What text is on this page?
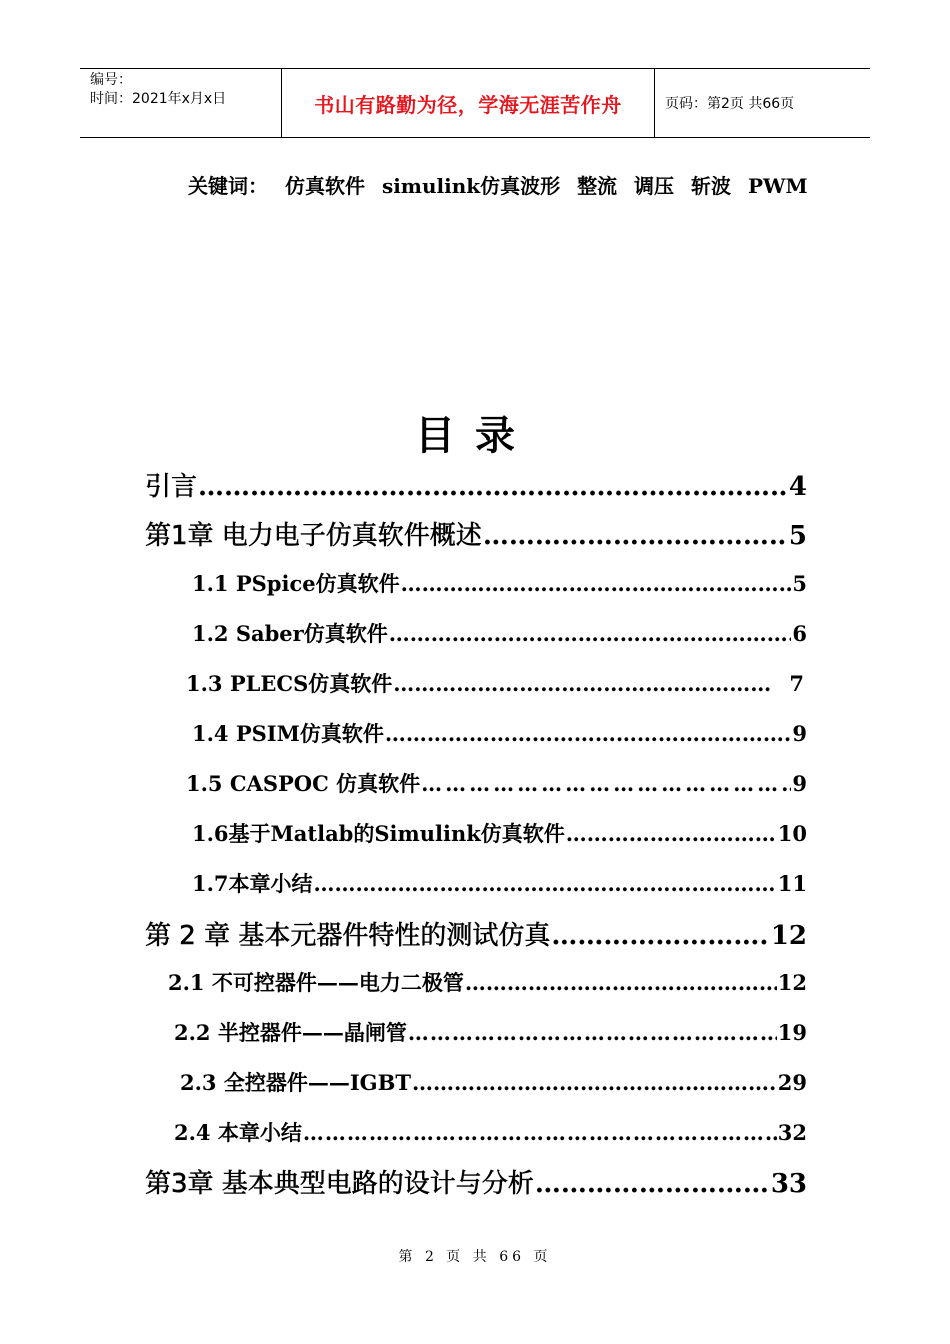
编号：
时间：2021年x月x日	书山有路勤为径，学海无涯苦作舟	页码：第2页 共66页
关键词： 仿真软件 simulink仿真波形 整流 调压 斩波 PWM
目录
引言 ……………………………………………………………………………………………………………………………………………………	4
第1章 电力电子仿真软件概述 ……………………………………………………………………………………………………………………………………………………	5
1.1 PSpice仿真软件 ……………………………………………………………………………………………………………………………………………………	5
1.2 Saber仿真软件 ……………………………………………………………………………………………………………………………………………………	6
1.3 PLECS仿真软件 ……………………………………………………………………………………………………………………………………………………	7
1.4 PSIM仿真软件 ……………………………………………………………………………………………………………………………………………………	9
1.5 CASPOC 仿真软件 ……………………………………………………………………………………………………………………………………………………	9
1.6基于Matlab的Simulink仿真软件 ……………………………………………………………………………………………………………………………………………………	10
1.7本章小结 ……………………………………………………………………………………………………………………………………………………	11
第 2 章 基本元器件特性的测试仿真 ……………………………………………………………………………………………………………………………………………………	12
2.1 不可控器件——电力二极管 ……………………………………………………………………………………………………………………………………………………	12
2.2 半控器件——晶闸管 ……………………………………………………………………………………………………………………………………………………	19
2.3 全控器件——IGBT ……………………………………………………………………………………………………………………………………………………	29
2.4 本章小结 ……………………………………………………………………………………………………………………………………………………	32
第3章 基本典型电路的设计与分析 ……………………………………………………………………………………………………………………………………………………	33
第 2 页 共 66 页
